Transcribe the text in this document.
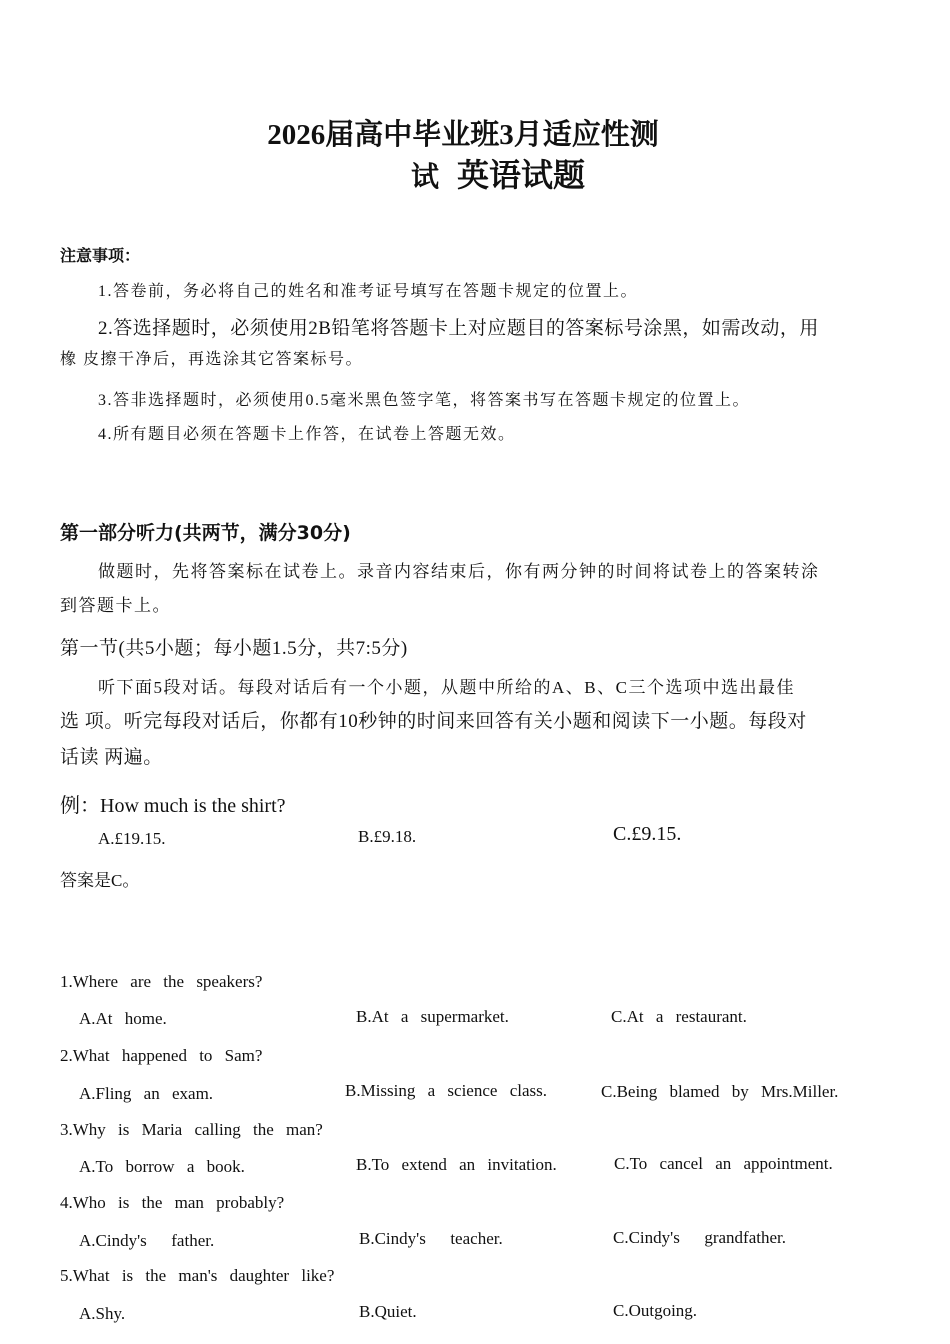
2026届高中毕业班3月适应性测
试 英语试题
注意事项：
1.答卷前，务必将自己的姓名和准考证号填写在答题卡规定的位置上。
2.答选择题时，必须使用2B铅笔将答题卡上对应题目的答案标号涂黑，如需改动，用
橡 皮擦干净后，再选涂其它答案标号。
3.答非选择题时，必须使用0.5毫米黑色签字笔，将答案书写在答题卡规定的位置上。
4.所有题目必须在答题卡上作答，在试卷上答题无效。
第一部分听力(共两节，满分30分)
做题时，先将答案标在试卷上。录音内容结束后，你有两分钟的时间将试卷上的答案转涂
到答题卡上。
第一节(共5小题；每小题1.5分，共7:5分)
听下面5段对话。每段对话后有一个小题，从题中所给的A、B、C三个选项中选出最佳
选 项。听完每段对话后，你都有10秒钟的时间来回答有关小题和阅读下一小题。每段对
话读 两遍。
例：How much is the shirt?
A.£19.15.	B.£9.18.	C.£9.15.
答案是C。
1.Where are the speakers?
A.At home.	B.At a supermarket.	C.At a restaurant.
2.What happened to Sam?
A.Fling an exam.	B.Missing a science class.	C.Being blamed by Mrs.Miller.
3.Why is Maria calling the man?
A.To borrow a book.	B.To extend an invitation.	C.To cancel an appointment.
4.Who is the man probably?
A.Cindy's  father.	B.Cindy's  teacher.	C.Cindy's  grandfather.
5.What is the man's daughter like?
A.Shy.	B.Quiet.	C.Outgoing.
